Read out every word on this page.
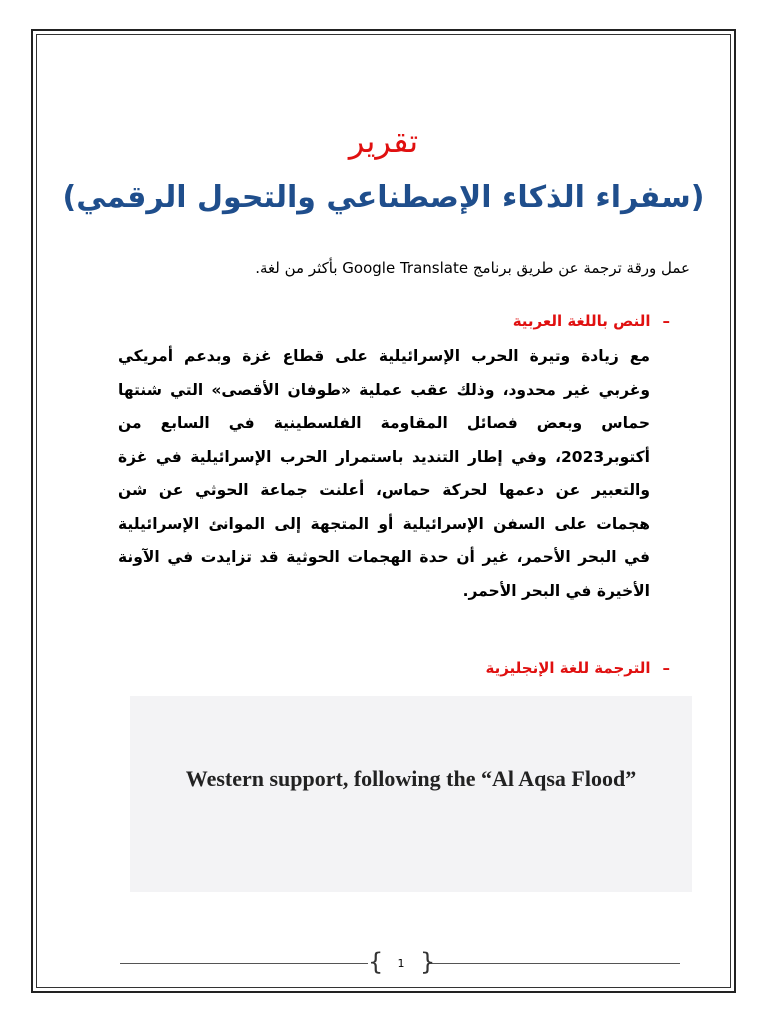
تقرير
(سفراء الذكاء الإصطناعي والتحول الرقمي)
عمل ورقة ترجمة عن طريق برنامج Google Translate بأكثر من لغة.
–النص باللغة العربية
مع زيادة وتيرة الحرب الإسرائيلية على قطاع غزة وبدعم أمريكي وغربي غير محدود، وذلك عقب عملية «طوفان الأقصى» التي شنتها حماس وبعض فصائل المقاومة الفلسطينية في السابع من أكتوبر2023، وفي إطار التنديد باستمرار الحرب الإسرائيلية في غزة والتعبير عن دعمها لحركة حماس، أعلنت جماعة الحوثي عن شن هجمات على السفن الإسرائيلية أو المتجهة إلى الموانئ الإسرائيلية في البحر الأحمر، غير أن حدة الهجمات الحوثية قد تزايدت في الآونة الأخيرة في البحر الأحمر.
–الترجمة للغة الإنجليزية
Western support, following the “Al Aqsa Flood”
{	1 }
